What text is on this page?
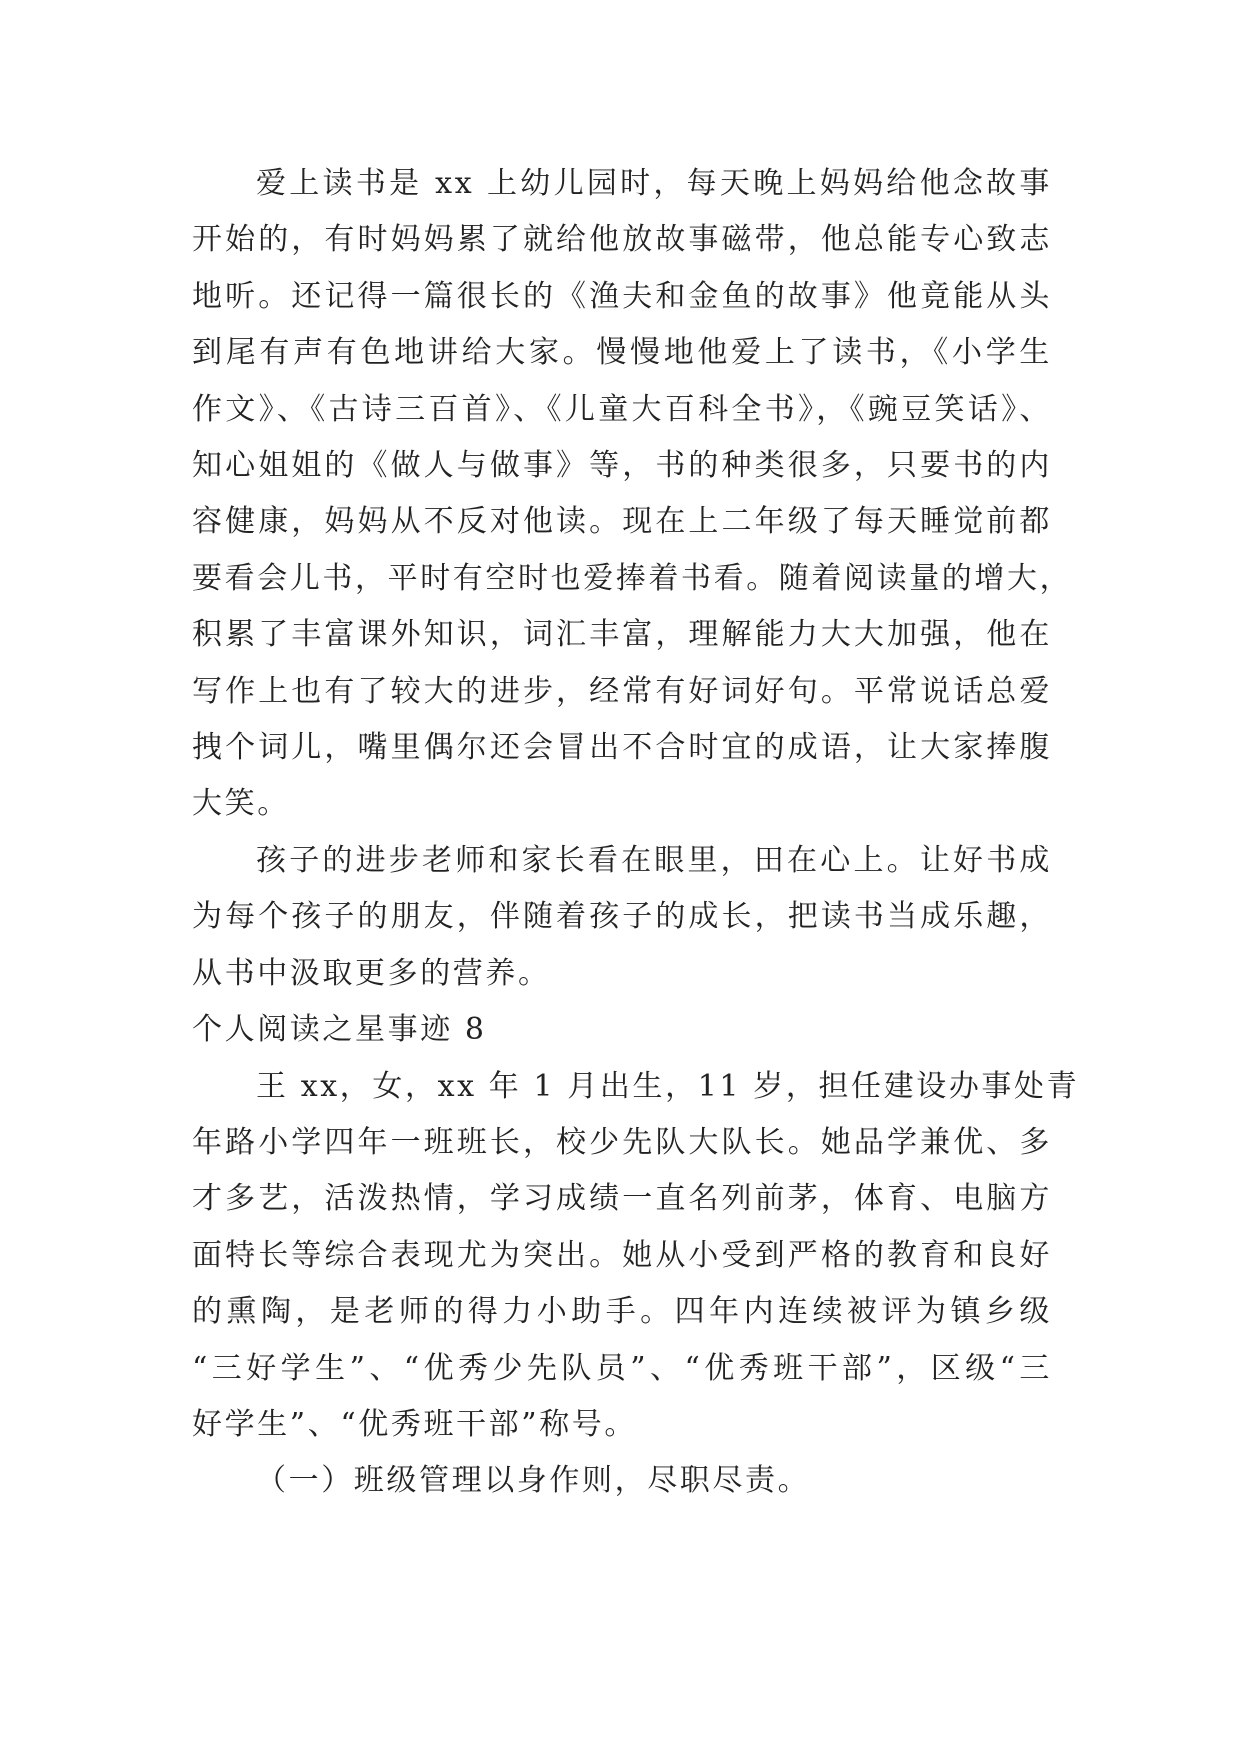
爱上读书是 xx 上幼儿园时，每天晚上妈妈给他念故事
开始的，有时妈妈累了就给他放故事磁带，他总能专心致志
地听。还记得一篇很长的《渔夫和金鱼的故事》他竟能从头
到尾有声有色地讲给大家。慢慢地他爱上了读书，《小学生
作文》、《古诗三百首》、《儿童大百科全书》，《豌豆笑话》、
知心姐姐的《做人与做事》等，书的种类很多，只要书的内
容健康，妈妈从不反对他读。现在上二年级了每天睡觉前都
要看会儿书，平时有空时也爱捧着书看。随着阅读量的增大，
积累了丰富课外知识，词汇丰富，理解能力大大加强，他在
写作上也有了较大的进步，经常有好词好句。平常说话总爱
拽个词儿，嘴里偶尔还会冒出不合时宜的成语，让大家捧腹
大笑。

孩子的进步老师和家长看在眼里，田在心上。让好书成
为每个孩子的朋友，伴随着孩子的成长，把读书当成乐趣，
从书中汲取更多的营养。

个人阅读之星事迹 8

王 xx，女，xx 年 1 月出生，11 岁，担任建设办事处青
年路小学四年一班班长，校少先队大队长。她品学兼优、多
才多艺，活泼热情，学习成绩一直名列前茅，体育、电脑方
面特长等综合表现尤为突出。她从小受到严格的教育和良好
的熏陶，是老师的得力小助手。四年内连续被评为镇乡级
“三好学生”、“优秀少先队员”、“优秀班干部”，区级“三
好学生”、“优秀班干部”称号。

（一）班级管理以身作则，尽职尽责。
